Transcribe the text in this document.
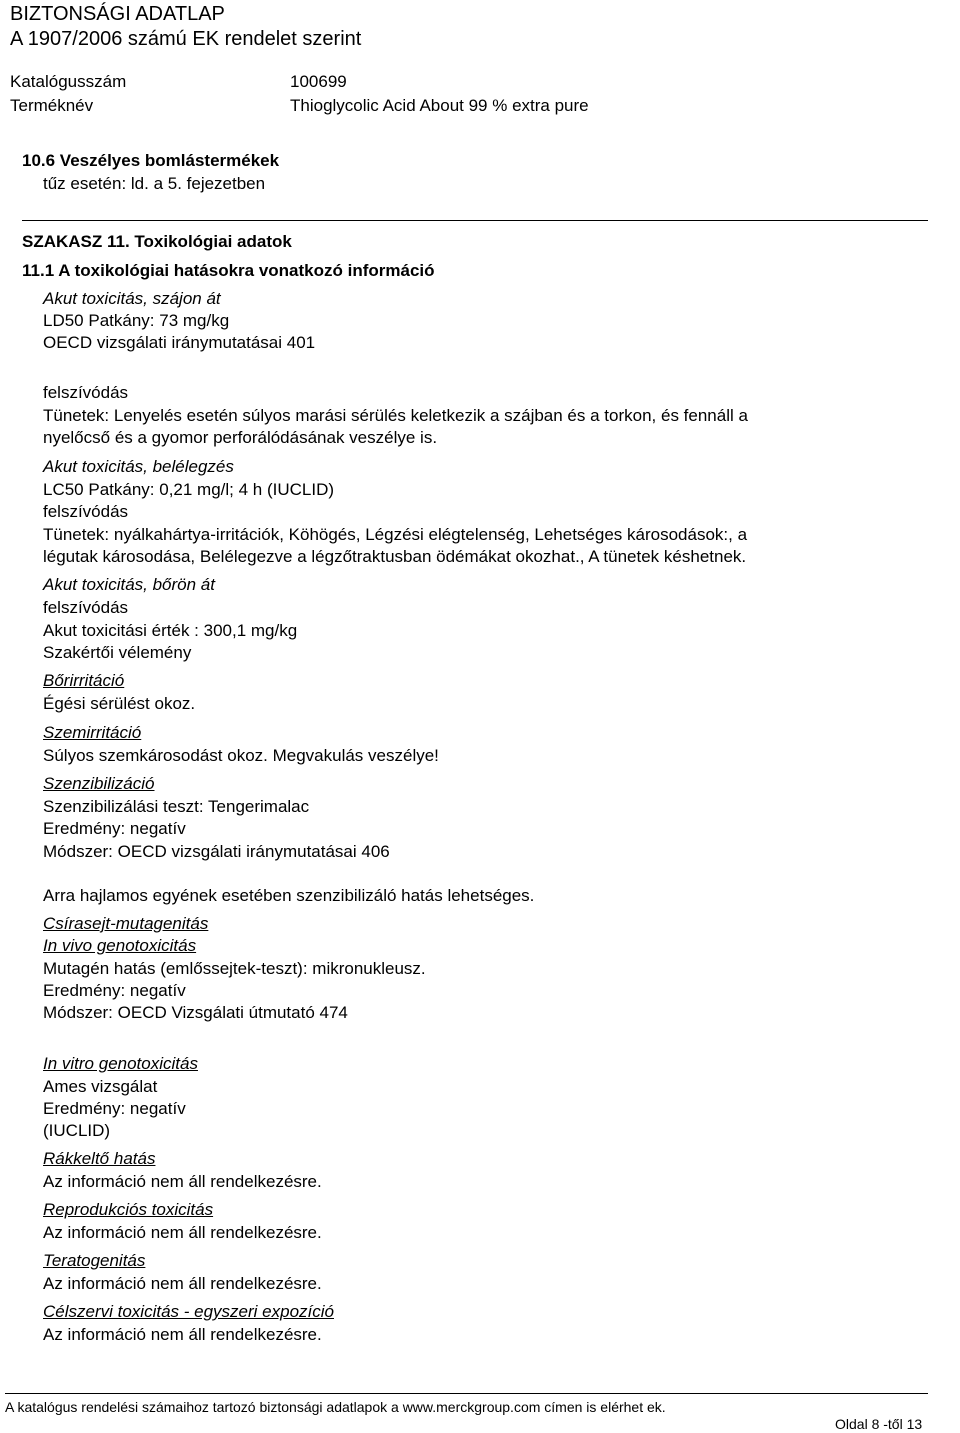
BIZTONSÁGI ADATLAP
A 1907/2006 számú EK rendelet szerint
Katalógusszám	100699
Terméknév	Thioglycolic Acid About 99 % extra pure
10.6 Veszélyes bomlástermékek
tűz esetén: ld. a 5. fejezetben
SZAKASZ 11. Toxikológiai adatok
11.1 A toxikológiai hatásokra vonatkozó információ
Akut toxicitás, szájon át
LD50 Patkány: 73 mg/kg
OECD vizsgálati iránymutatásai 401
felszívódás
Tünetek: Lenyelés esetén súlyos marási sérülés keletkezik a szájban és a torkon, és fennáll a
nyelőcső és a gyomor perforálódásának veszélye is.
Akut toxicitás, belélegzés
LC50 Patkány: 0,21 mg/l; 4 h (IUCLID)
felszívódás
Tünetek: nyálkahártya-irritációk, Köhögés, Légzési elégtelenség, Lehetséges károsodások:, a
légutak károsodása, Belélegezve a légzőtraktusban ödémákat okozhat., A tünetek késhetnek.
Akut toxicitás, bőrön át
felszívódás
Akut toxicitási érték : 300,1 mg/kg
Szakértői vélemény
Bőrirritáció
Égési sérülést okoz.
Szemirritáció
Súlyos szemkárosodást okoz. Megvakulás veszélye!
Szenzibilizáció
Szenzibilizálási teszt: Tengerimalac
Eredmény: negatív
Módszer: OECD vizsgálati iránymutatásai 406
Arra hajlamos egyének esetében szenzibilizáló hatás lehetséges.
Csírasejt-mutagenitás
In vivo genotoxicitás
Mutagén hatás (emlőssejtek-teszt): mikronukleusz.
Eredmény: negatív
Módszer: OECD Vizsgálati útmutató 474
In vitro genotoxicitás
Ames vizsgálat
Eredmény: negatív
(IUCLID)
Rákkeltő hatás
Az információ nem áll rendelkezésre.
Reprodukciós toxicitás
Az információ nem áll rendelkezésre.
Teratogenitás
Az információ nem áll rendelkezésre.
Célszervi toxicitás - egyszeri expozíció
Az információ nem áll rendelkezésre.
A katalógus rendelési számaihoz tartozó biztonsági adatlapok a www.merckgroup.com címen is elérhet ek.
Oldal 8 -től 13
